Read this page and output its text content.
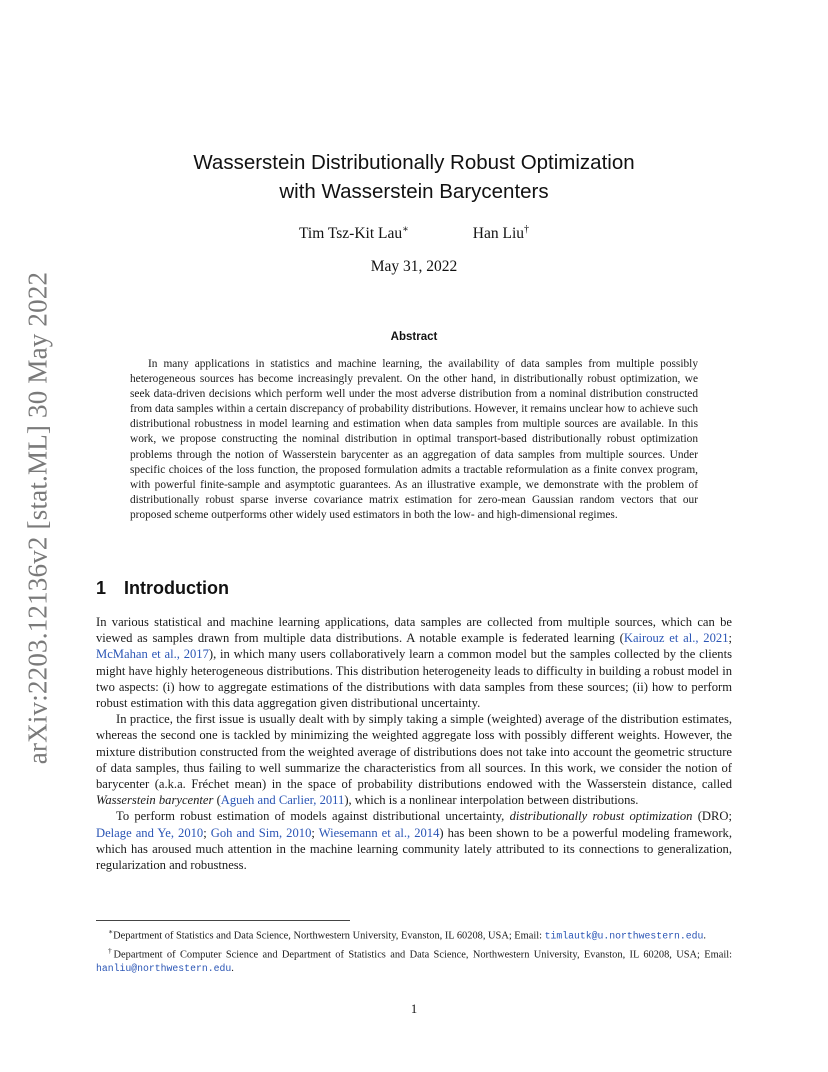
arXiv:2203.12136v2 [stat.ML] 30 May 2022
Wasserstein Distributionally Robust Optimization
with Wasserstein Barycenters
Tim Tsz-Kit Lau∗	Han Liu†
May 31, 2022
Abstract

In many applications in statistics and machine learning, the availability of data samples from multiple possibly heterogeneous sources has become increasingly prevalent. On the other hand, in distributionally robust optimization, we seek data-driven decisions which perform well under the most adverse distribution from a nominal distribution constructed from data samples within a certain discrepancy of probability distributions. However, it remains unclear how to achieve such distributional robustness in model learning and estimation when data samples from multiple sources are available. In this work, we propose constructing the nominal distribution in optimal transport-based distributionally robust optimization problems through the notion of Wasserstein barycenter as an aggregation of data samples from multiple sources. Under specific choices of the loss function, the proposed formulation admits a tractable reformulation as a finite convex program, with powerful finite-sample and asymptotic guarantees. As an illustrative example, we demonstrate with the problem of distributionally robust sparse inverse covariance matrix estimation for zero-mean Gaussian random vectors that our proposed scheme outperforms other widely used estimators in both the low- and high-dimensional regimes.

1 Introduction

In various statistical and machine learning applications, data samples are collected from multiple sources, which can be viewed as samples drawn from multiple data distributions. A notable example is federated learning (Kairouz et al., 2021; McMahan et al., 2017), in which many users collaboratively learn a common model but the samples collected by the clients might have highly heterogeneous distributions. This distribution heterogeneity leads to difficulty in building a robust model in two aspects: (i) how to aggregate estimations of the distributions with data samples from these sources; (ii) how to perform robust estimation with this data aggregation given distributional uncertainty.

In practice, the first issue is usually dealt with by simply taking a simple (weighted) average of the distribution estimates, whereas the second one is tackled by minimizing the weighted aggregate loss with possibly different weights. However, the mixture distribution constructed from the weighted average of distributions does not take into account the geometric structure of data samples, thus failing to well summarize the characteristics from all sources. In this work, we consider the notion of barycenter (a.k.a. Fréchet mean) in the space of probability distributions endowed with the Wasserstein distance, called Wasserstein barycenter (Agueh and Carlier, 2011), which is a nonlinear interpolation between distributions.

To perform robust estimation of models against distributional uncertainty, distributionally robust optimization (DRO; Delage and Ye, 2010; Goh and Sim, 2010; Wiesemann et al., 2014) has been shown to be a powerful modeling framework, which has aroused much attention in the machine learning community lately attributed to its connections to generalization, regularization and robustness.

∗Department of Statistics and Data Science, Northwestern University, Evanston, IL 60208, USA; Email: timlautk@u.northwestern.edu.

†Department of Computer Science and Department of Statistics and Data Science, Northwestern University, Evanston, IL 60208, USA; Email: hanliu@northwestern.edu.

1
